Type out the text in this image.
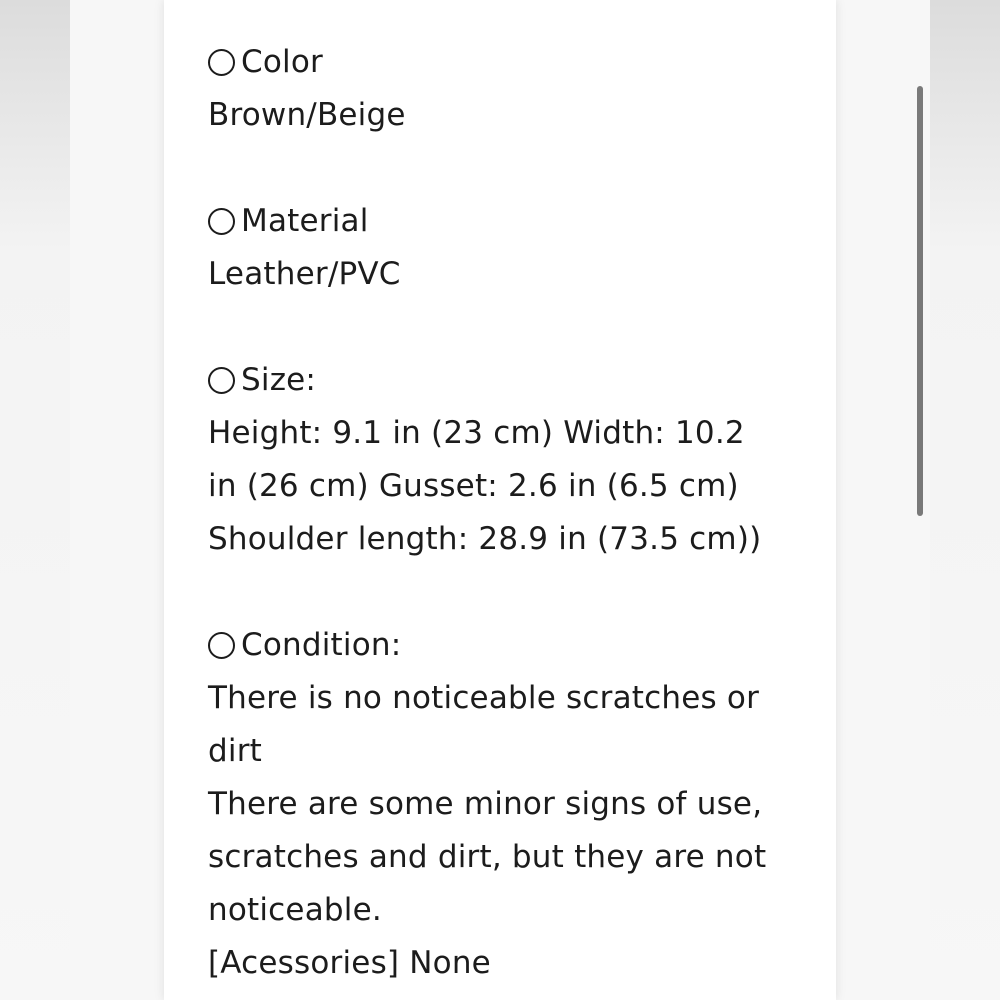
Color
Brown/Beige
Material
Leather/PVC
Size:
Height: 9.1 in (23 cm) Width: 10.2
in (26 cm) Gusset: 2.6 in (6.5 cm)
Shoulder length: 28.9 in (73.5 cm))
Condition:
There is no noticeable scratches or
dirt
There are some minor signs of use,
scratches and dirt, but they are not
noticeable.
[Acessories] None
